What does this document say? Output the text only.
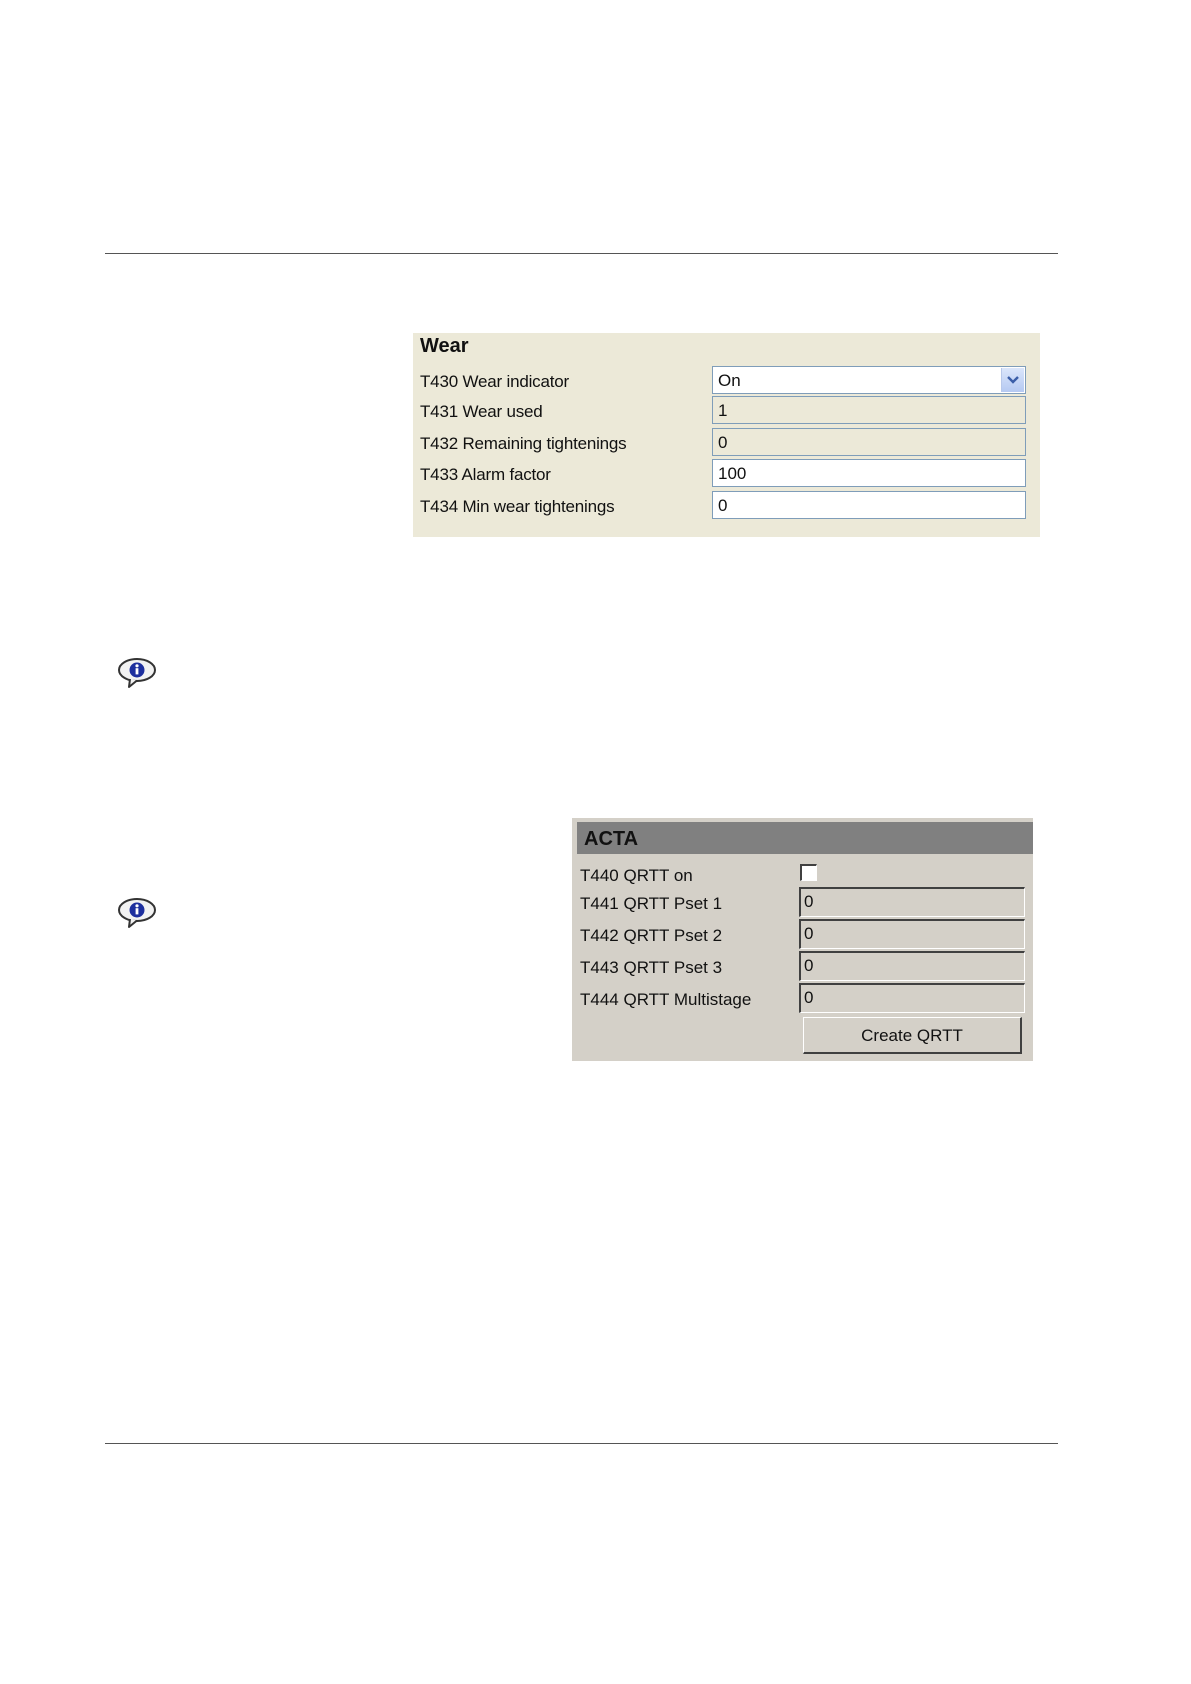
Wear
T430 Wear indicator	On
T431 Wear used	1
T432 Remaining tightenings	0
T433 Alarm factor	100
T434 Min wear tightenings	0
ACTA
T440 QRTT on
T441 QRTT Pset 1	0
T442 QRTT Pset 2	0
T443 QRTT Pset 3	0
T444 QRTT Multistage	0
Create QRTT
